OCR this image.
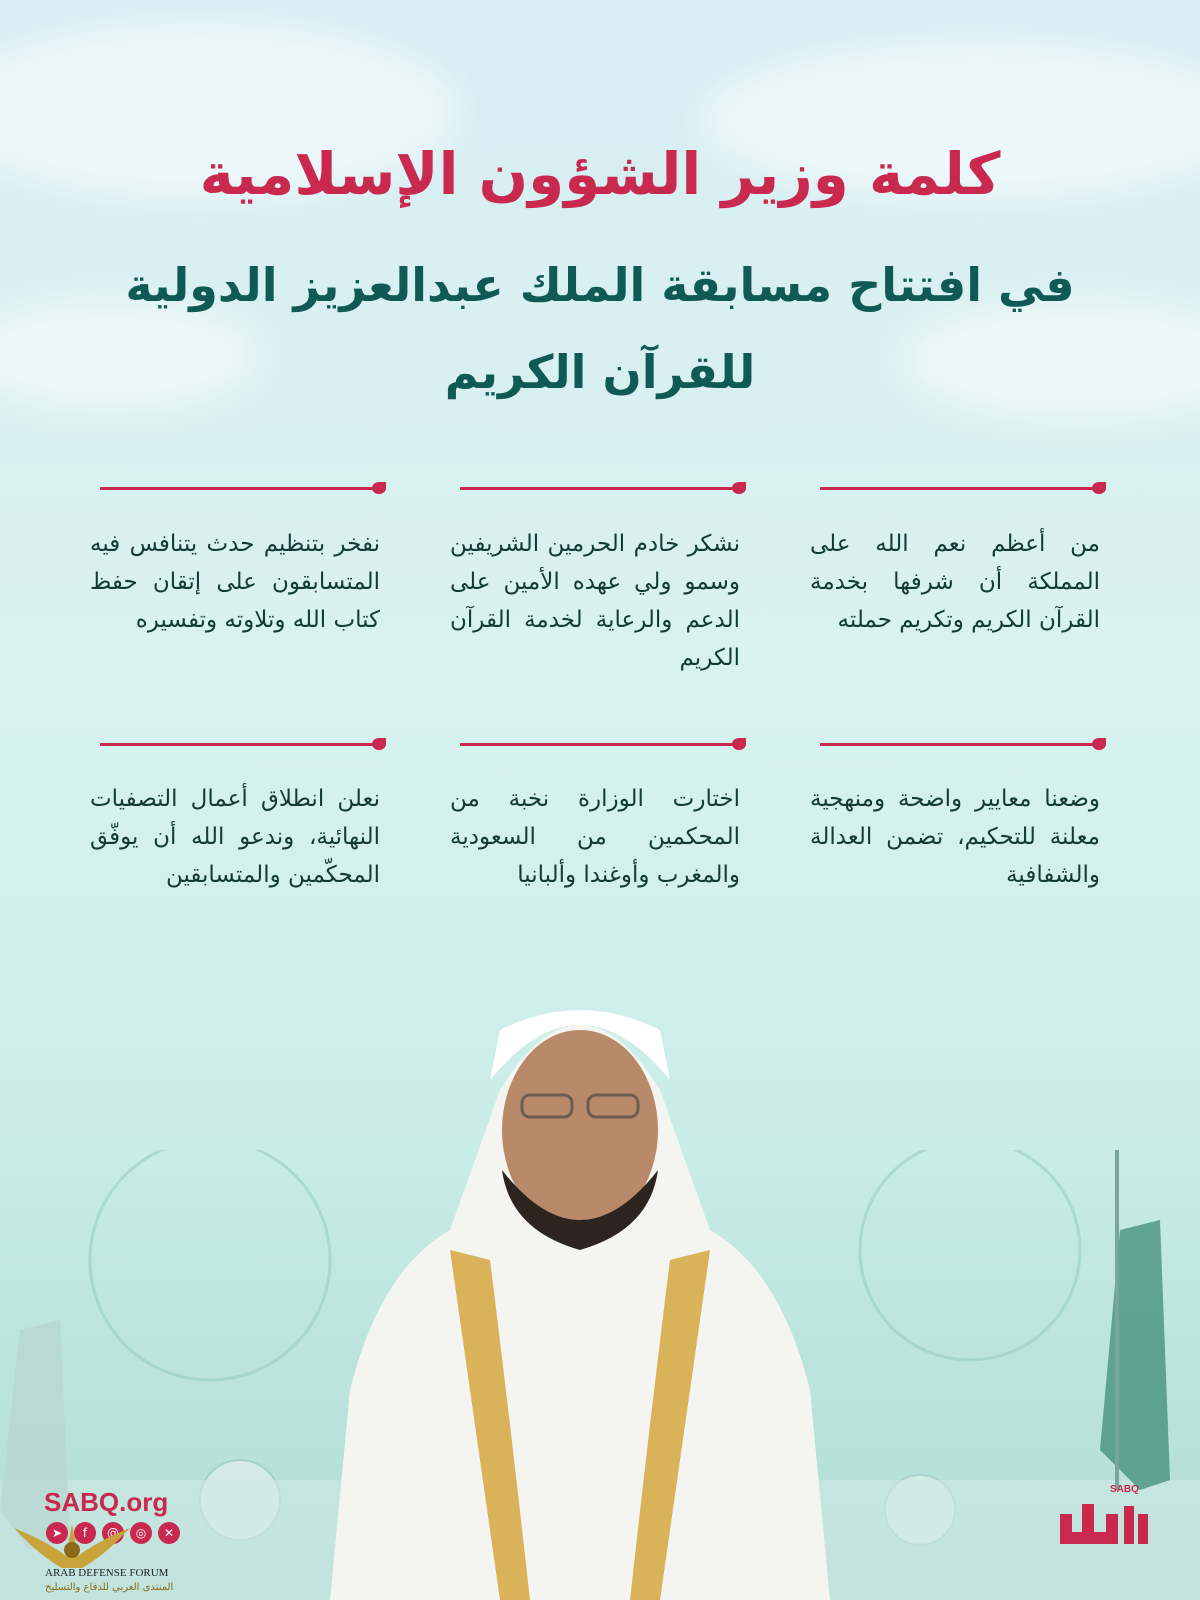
كلمة وزير الشؤون الإسلامية
في افتتاح مسابقة الملك عبدالعزيز الدولية
للقرآن الكريم
من أعظم نعم الله على المملكة أن شرفها بخدمة القرآن الكريم وتكريم حملته
نشكر خادم الحرمين الشريفين وسمو ولي عهده الأمين على الدعم والرعاية لخدمة القرآن الكريم
نفخر بتنظيم حدث يتنافس فيه المتسابقون على إتقان حفظ كتاب الله وتلاوته وتفسيره
وضعنا معايير واضحة ومنهجية معلنة للتحكيم، تضمن العدالة والشفافية
اختارت الوزارة نخبة من المحكمين من السعودية والمغرب وأوغندا وألبانيا
نعلن انطلاق أعمال التصفيات النهائية، وندعو الله أن يوفّق المحكّمين والمتسابقين
SABQ.org
➤	f	@	◎	✕
ARAB DEFENSE FORUM
المنتدى العربي للدفاع والتسليح
SABQ
